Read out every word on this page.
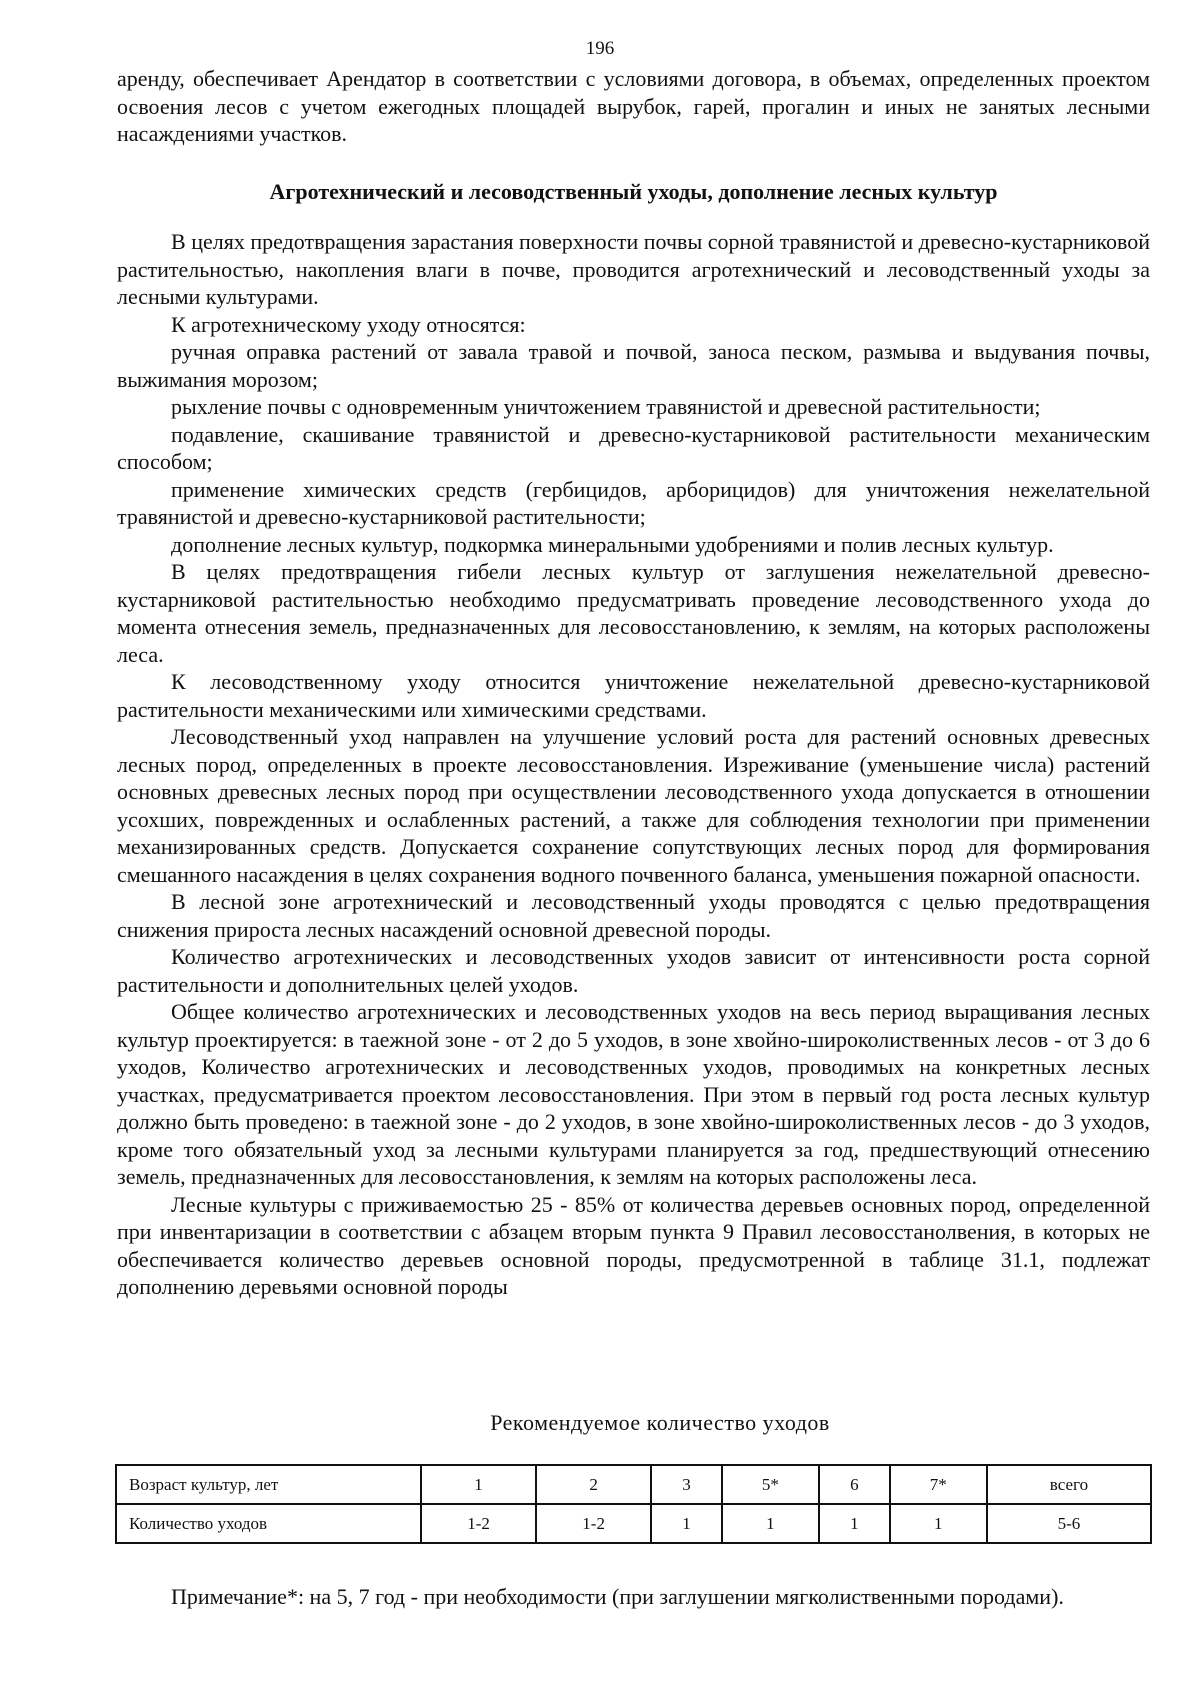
196

аренду, обеспечивает Арендатор в соответствии с условиями договора, в объемах, определенных проектом освоения лесов с учетом ежегодных площадей вырубок, гарей, прогалин и иных не занятых лесными насаждениями участков.

Агротехнический и лесоводственный уходы, дополнение лесных культур

В целях предотвращения зарастания поверхности почвы сорной травянистой и древесно-кустарниковой растительностью, накопления влаги в почве, проводится агротехнический и лесоводственный уходы за лесными культурами.

К агротехническому уходу относятся:

ручная оправка растений от завала травой и почвой, заноса песком, размыва и выдувания почвы, выжимания морозом;

рыхление почвы с одновременным уничтожением травянистой и древесной растительности;

подавление, скашивание травянистой и древесно-кустарниковой растительности механическим способом;

применение химических средств (гербицидов, арборицидов) для уничтожения нежелательной травянистой и древесно-кустарниковой растительности;

дополнение лесных культур, подкормка минеральными удобрениями и полив лесных культур.

В целях предотвращения гибели лесных культур от заглушения нежелательной древесно-кустарниковой растительностью необходимо предусматривать проведение лесоводственного ухода до момента отнесения земель, предназначенных для лесовосстановлению, к землям, на которых расположены леса.

К лесоводственному уходу относится уничтожение нежелательной древесно-кустарниковой растительности механическими или химическими средствами.

Лесоводственный уход направлен на улучшение условий роста для растений основных древесных лесных пород, определенных в проекте лесовосстановления. Изреживание (уменьшение числа) растений основных древесных лесных пород при осуществлении лесоводственного ухода допускается в отношении усохших, поврежденных и ослабленных растений, а также для соблюдения технологии при применении механизированных средств. Допускается сохранение сопутствующих лесных пород для формирования смешанного насаждения в целях сохранения водного почвенного баланса, уменьшения пожарной опасности.

В лесной зоне агротехнический и лесоводственный уходы проводятся с целью предотвращения снижения прироста лесных насаждений основной древесной породы.

Количество агротехнических и лесоводственных уходов зависит от интенсивности роста сорной растительности и дополнительных целей уходов.

Общее количество агротехнических и лесоводственных уходов на весь период выращивания лесных культур проектируется: в таежной зоне - от 2 до 5 уходов, в зоне хвойно-широколиственных лесов - от 3 до 6 уходов, Количество агротехнических и лесоводственных уходов, проводимых на конкретных лесных участках, предусматривается проектом лесовосстановления. При этом в первый год роста лесных культур должно быть проведено: в таежной зоне - до 2 уходов, в зоне хвойно-широколиственных лесов - до 3 уходов, кроме того обязательный уход за лесными культурами планируется за год, предшествующий отнесению земель, предназначенных для лесовосстановления, к землям на которых расположены леса.

Лесные культуры с приживаемостью 25 - 85% от количества деревьев основных пород, определенной при инвентаризации в соответствии с абзацем вторым пункта 9 Правил лесовосстанолвения, в которых не обеспечивается количество деревьев основной породы, предусмотренной в таблице 31.1, подлежат дополнению деревьями основной породы

Рекомендуемое количество уходов
Возраст культур, лет	1	2	3	5*	6	7*	всего
Количество уходов	1-2	1-2	1	1	1	1	5-6
Примечание*: на 5, 7 год - при необходимости (при заглушении мягколиственными породами).
